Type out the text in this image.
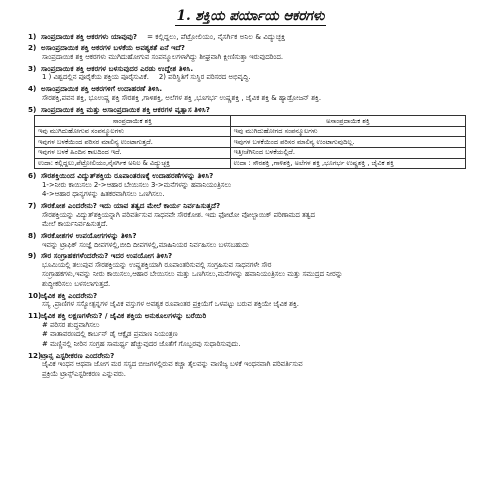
1. ಶಕ್ತಿಯ ಪರ್ಯಾಯ ಆಕರಗಳು
1) ಸಾಂಪ್ರದಾಯಿಕ ಶಕ್ತಿ ಆಕರಗಳು ಯಾವುವು? = ಕಲ್ಲಿದ್ದಲು, ಪೆಟ್ರೋಲಿಯಂ, ನೈಸರ್ಗಿಕ ಅನಿಲ & ವಿದ್ಯುಚ್ಛಕ್ತಿ
2) ಅಸಾಂಪ್ರದಾಯಿಕ ಶಕ್ತಿ ಆಕರಗಳ ಬಳಕೆಯ ಅವಶ್ಯಕತೆ ಏನೆ ಇದೆ?
ಸಾಂಪ್ರದಾಯಿಕ ಶಕ್ತಿ ಆಕರಗಳು ಮುಗಿದುಹೋಗುವ ಸಂಪನ್ಮೂಲಗಳಾಗಿದ್ದು ಶೀಘ್ರವಾಗಿ ಕ್ಷೀಣಿಸುತ್ತಾ ಇರುವುದರಿಂದ.
3) ಸಾಂಪ್ರದಾಯಿಕ ಶಕ್ತಿ ಆಕರಗಳ ಬಳಸುವುದರ ಎರಡು ಉದ್ದೇಶ ತಿಳಿಸಿ.
1 ) ವಿಶ್ವದಲ್ಲಿನ ಪೂರೈಕೆಯ ಶಕ್ತಿಯ ಪೂರೈಸುವಿಕೆ. 2) ಪರಿಸ್ಥಿತಿಗೆ ಸುಸ್ಥಿರ ಪರಿಸರದ ಅಭಿವೃದ್ಧಿ.
4) ಅಸಾಂಪ್ರದಾಯಿಕ ಶಕ್ತಿ ಆಕರಗಳಿಗೆ ಉದಾಹರಣೆ ತಿಳಿಸಿ.
ಸೌರಶಕ್ತಿ,ಪವನ ಶಕ್ತಿ, ಭೂಉಷ್ಣ ಶಕ್ತಿ ಸೌರಶಕ್ತಿ ,ಗಾಳಿಶಕ್ತಿ, ಅಲೆಗಳ ಶಕ್ತಿ ,ಭೂಗರ್ಭ ಉಷ್ಣಶಕ್ತಿ , ಜೈವಿಕ ಶಕ್ತಿ & ಹ್ಯಾಡ್ರೋಜನ್ ಶಕ್ತಿ.
5) ಸಾಂಪ್ರದಾಯಿಕ ಶಕ್ತಿ ಮತ್ತು ಅಸಾಂಪ್ರದಾಯಿಕ ಶಕ್ತಿ ಆಕರಗಳ ವ್ಯತ್ಯಾಸ ತಿಳಿಸಿ?
ಸಾಂಪ್ರದಾಯಿಕ ಶಕ್ತಿ	ಅಸಾಂಪ್ರದಾಯಿಕ ಶಕ್ತಿ
ಇವು ಮುಗಿದುಹೋಗುವ ಸಂಪನ್ಮೂಲಗಳು	ಇವು ಮುಗಿದುಹೋಗದ ಸಂಪನ್ಮೂಲಗಳು
ಇವುಗಳ ಬಳಕೆಯಿಂದ ಪರಿಸರ ಮಾಲಿನ್ಯ ಉಂಟಾಗುತ್ತದೆ.	ಇವುಗಳ ಬಳಕೆಯಿಂದ ಪರಿಸರ ಮಾಲಿನ್ಯ ಉಂಟಾಗುವುದಿಲ್ಲ.
ಇವುಗಳ ಬಳಕೆ ಹಿಂದಿನ ಕಾಲದಿಂದ ಇದೆ.	ಇತ್ತೀಚೆಗಿನಿಂದ ಬಳಕೆಯಲ್ಲಿದೆ.
ಉದಾ: ಕಲ್ಲಿದ್ದಲು,ಪೆಟ್ರೋಲಿಯಂ,ನೈಸರ್ಗಿಕ ಅನಿಲ & ವಿದ್ಯುಚ್ಛಕ್ತಿ	ಉದಾ : ಸೌರಶಕ್ತಿ ,ಗಾಳಿಶಕ್ತಿ, ಅಲೆಗಳ ಶಕ್ತಿ ,ಭೂಗರ್ಭ ಉಷ್ಣಶಕ್ತಿ , ಜೈವಿಕ ಶಕ್ತಿ
6) ಸೌರಶಕ್ತಿಯಿಂದ ವಿದ್ಯುತ್‌ಶಕ್ತಿಯ ರೂಪಾಂತರಣಕ್ಕೆ ಉದಾಹರಣೆಗಳನ್ನು ತಿಳಿಸಿ?
1->ನೀರು ಕಾಯಿಸಲು 2->ಆಹಾರ ಬೇಯಿಸಲು 3->ಮನೆಗಳನ್ನು ಹವಾನಿಯಂತ್ರಿಸಲು
4->ಆಹಾರ ಧಾನ್ಯಗಳನ್ನು ಹಿತಕರವಾಗಿಸಲು ಒಣಗಿಸಲು.
7) ಸೌರಕೋಶ ಎಂದರೇನು? ಇದು ಯಾವ ತತ್ವದ ಮೇಲೆ ಕಾರ್ಯ ನಿರ್ವಹಿಸುತ್ತದೆ?
ಸೌರಶಕ್ತಿಯನ್ನು ವಿದ್ಯುತ್‌ಶಕ್ತಿಯನ್ನಾಗಿ ಪರಿವರ್ತಿಸುವ ಸಾಧನವೇ ಸೌರಕೋಶ. ಇದು ಫೋಟೋ ವೋಲ್ಟಾಯಿಕ್ ಪರಿಣಾಮದ ತತ್ವದ
ಮೇಲೆ ಕಾರ್ಯನಿರ್ವಹಿಸುತ್ತದೆ.
8) ಸೌರಕೋಶಗಳ ಉಪಯೋಗಗಳನ್ನು ತಿಳಿಸಿ?
ಇವನ್ನು ಟ್ರಾಫಿಕ್ ಸಂಜ್ಞೆ ದೀಪಗಳಲ್ಲಿ,ಬೀದಿ ದೀಪಗಳಲ್ಲಿ,ಮಾಹಿನಿಯರ ನಿರ್ವಹಿಸಲು ಬಳಸಬಹುದು
9) ಸೌರ ಸಂಗ್ರಾಹಕಗಳೆಂದರೇನು? ಇದರ ಉಪಯೋಗ ತಿಳಿಸಿ?
ಭೂಮಿಯಲ್ಲಿ ತಲುಪುವ ಸೌರಶಕ್ತಿಯನ್ನು ಉಷ್ಣಶಕ್ತಿಯಾಗಿ ರೂಪಾಂತರಿಸುವಲ್ಲಿ ಸಂಗ್ರಹಿಸುವ ಸಾಧನಗಳೇ ಸೌರ
ಸಂಗ್ರಾಹಕಗಳು,ಇವನ್ನು ನೀರು ಕಾಯಿಸಲು,ಆಹಾರ ಬೇಯಿಸಲು ಮತ್ತು ಒಣಗಿಸಲು,ಮನೆಗಳನ್ನು ಹವಾನಿಯಂತ್ರಿಸಲು ಮತ್ತು ಸಮುದ್ರದ ನೀರನ್ನು
ಶುದ್ಧೀಕರಿಸಲು ಬಳಸಲಾಗುತ್ತದೆ.
10)ಜೈವಿಕ ಶಕ್ತಿ ಎಂದರೇನು?
ಸಸ್ಯ ,ಪ್ರಾಣಿಗಳ ಸಸ್ಯೋತ್ಪನ್ನಗಳ ಜೈವಿಕ ವಸ್ತುಗಳ ಅವಶ್ಯಕ ರೂಪಾಂತರ ಪ್ರಕ್ರಿಯೆಗೆ ಒಳಪಟ್ಟು ಬರುವ ಶಕ್ತಿಯೇ ಜೈವಿಕ ಶಕ್ತಿ.
11)ಜೈವಿಕ ಶಕ್ತಿ ಲಕ್ಷಣಗಳೇನು? / ಜೈವಿಕ ಶಕ್ತಿಯ ಅನುಕೂಲಗಳನ್ನು ಬರೆಯಿರಿ
# ಪರಿಸರ ಶುದ್ಧವಾಗಿಸಲು
# ವಾತಾವರಣದಲ್ಲಿ ಕಾರ್ಬನ್ ಡೈ ಆಕ್ಸೈಡ ಪ್ರಮಾಣ ನಿಯಂತ್ರಣ
# ಮಣ್ಣಿನಲ್ಲಿ ನೀರಿನ ಸಂಗ್ರಹ ಸಾಮರ್ಥ್ಯ ಹೆಚ್ಚುವುದರ ಜೊತೆಗೆ ಗೊಬ್ಬರವು ಸುಧಾರಿಸುವುದು.
12)ಟ್ರಾನ್ಸ ಎಸ್ಟರೀಕರಣ ಎಂದರೇನು?
ಜೈವಿಕ ಇಂಧನ ಆಥವಾ ಜೋಗ ಮರ ಸಸ್ಯದ ಬೀಜಗಳಲ್ಲಿರುವ ಕಚ್ಚಾ ತೈಲವನ್ನು ವಾಣಿಜ್ಯ ಬಳಕೆ ಇಂಧನವಾಗಿ ಪರಿವರ್ತಿಸುವ
ಪ್ರಕ್ರಿಯೆ ಟ್ರಾನ್ಸ್‌ಎಸ್ಟರೀಕರಣ ಎನ್ನುವರು.
